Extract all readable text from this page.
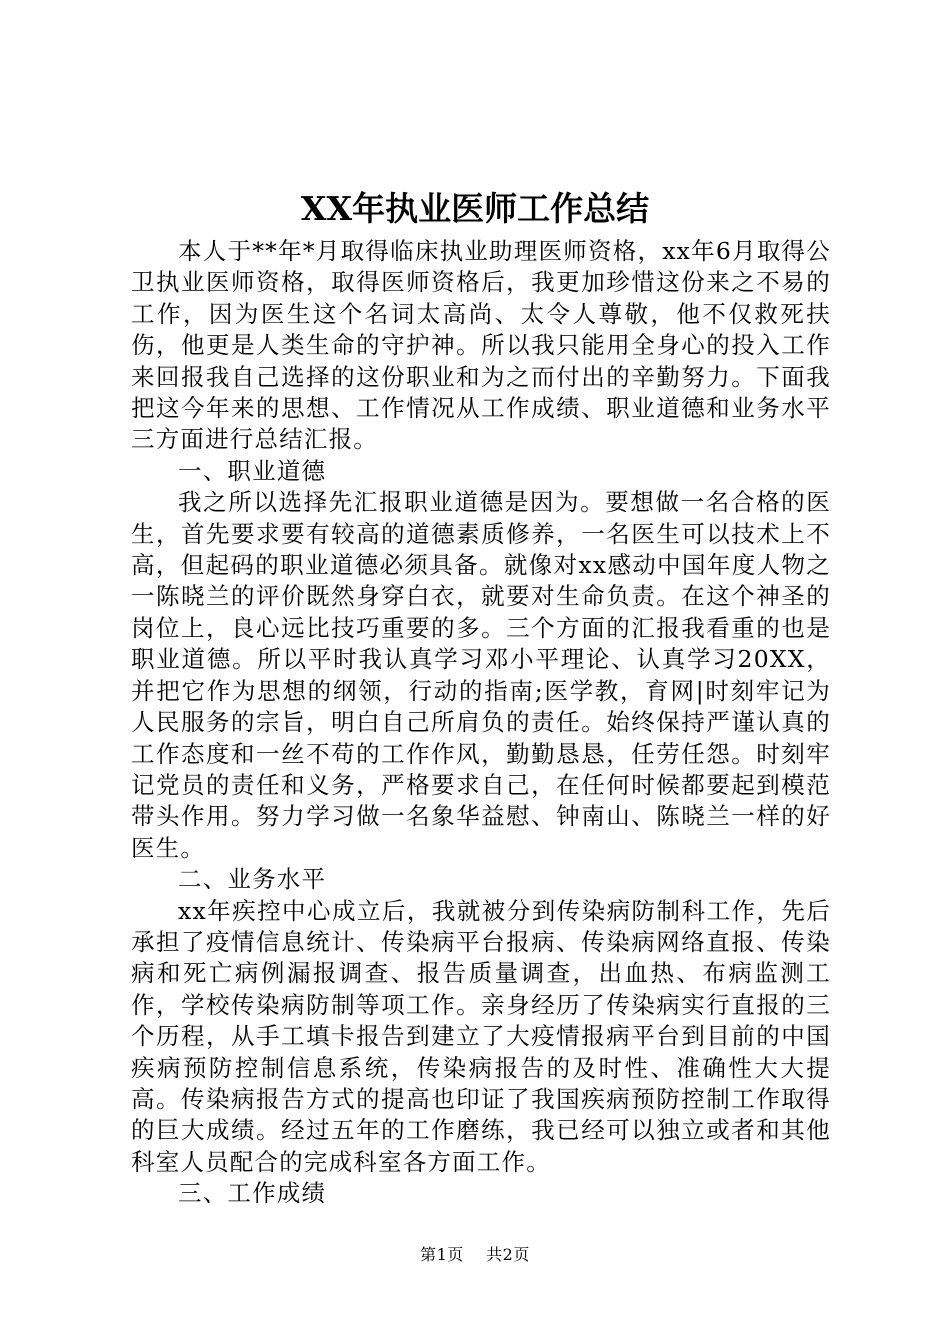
XX年执业医师工作总结

本人于**年*月取得临床执业助理医师资格，xx年6月取得公卫执业医师资格，取得医师资格后，我更加珍惜这份来之不易的工作，因为医生这个名词太高尚、太令人尊敬，他不仅救死扶伤，他更是人类生命的守护神。所以我只能用全身心的投入工作来回报我自己选择的这份职业和为之而付出的辛勤努力。下面我把这今年来的思想、工作情况从工作成绩、职业道德和业务水平三方面进行总结汇报。

一、职业道德

我之所以选择先汇报职业道德是因为。要想做一名合格的医生，首先要求要有较高的道德素质修养，一名医生可以技术上不高，但起码的职业道德必须具备。就像对xx感动中国年度人物之一陈晓兰的评价既然身穿白衣，就要对生命负责。在这个神圣的岗位上，良心远比技巧重要的多。三个方面的汇报我看重的也是职业道德。所以平时我认真学习邓小平理论、认真学习20XX，并把它作为思想的纲领，行动的指南;医学教，育网|时刻牢记为人民服务的宗旨，明白自己所肩负的责任。始终保持严谨认真的工作态度和一丝不苟的工作作风，勤勤恳恳，任劳任怨。时刻牢记党员的责任和义务，严格要求自己，在任何时候都要起到模范带头作用。努力学习做一名象华益慰、钟南山、陈晓兰一样的好医生。

二、业务水平

xx年疾控中心成立后，我就被分到传染病防制科工作，先后承担了疫情信息统计、传染病平台报病、传染病网络直报、传染病和死亡病例漏报调查、报告质量调查，出血热、布病监测工作，学校传染病防制等项工作。亲身经历了传染病实行直报的三个历程，从手工填卡报告到建立了大疫情报病平台到目前的中国疾病预防控制信息系统，传染病报告的及时性、准确性大大提高。传染病报告方式的提高也印证了我国疾病预防控制工作取得的巨大成绩。经过五年的工作磨练，我已经可以独立或者和其他科室人员配合的完成科室各方面工作。

三、工作成绩

第1页 共2页
